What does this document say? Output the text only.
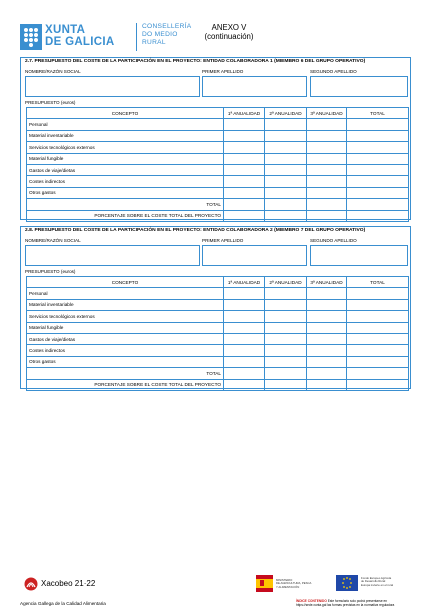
XUNTA
DE GALICIA
CONSELLERÍA
DO MEDIO
RURAL
ANEXO V
(continuación)
2.7. PRESUPUESTO DEL COSTE DE LA PARTICIPACIÓN EN EL PROYECTO: ENTIDAD COLABORADORA 1 (MIEMBRO 6 DEL GRUPO OPERATIVO)
NOMBRE/RAZÓN SOCIAL	PRIMER APELLIDO	SEGUNDO APELLIDO
PRESUPUESTO (euros)
CONCEPTO	1ª ANUALIDAD	2ª ANUALIDAD	3ª ANUALIDAD	TOTAL
Personal				
Material inventariable				
Servicios tecnológicos externos				
Material fungible				
Gastos de viaje/dietas				
Costes indirectos				
Otros gastos				
TOTAL				
PORCENTAJE SOBRE EL COSTE TOTAL DEL PROYECTO				
2.8. PRESUPUESTO DEL COSTE DE LA PARTICIPACIÓN EN EL PROYECTO: ENTIDAD COLABORADORA 2 (MIEMBRO 7 DEL GRUPO OPERATIVO)
NOMBRE/RAZÓN SOCIAL	PRIMER APELLIDO	SEGUNDO APELLIDO
PRESUPUESTO (euros)
CONCEPTO	1ª ANUALIDAD	2ª ANUALIDAD	3ª ANUALIDAD	TOTAL
Personal				
Material inventariable				
Servicios tecnológicos externos				
Material fungible				
Gastos de viaje/dietas				
Costes indirectos				
Otros gastos				
TOTAL				
PORCENTAJE SOBRE EL COSTE TOTAL DEL PROYECTO				
Xacobeo 21·22
Agencia Gallega de la Calidad Alimentaria
MINISTERIO
DE AGRICULTURA, PESCA
Y ALIMENTACIÓN
Fondo Europeo Agrícola
de Desarrollo Rural:
Europa invierte en el rural
ÍNDICE CONTENIDO Este formulario solo podrá presentarse en
https://sede.xunta.gal las formas previstas en la normativa reguladora
